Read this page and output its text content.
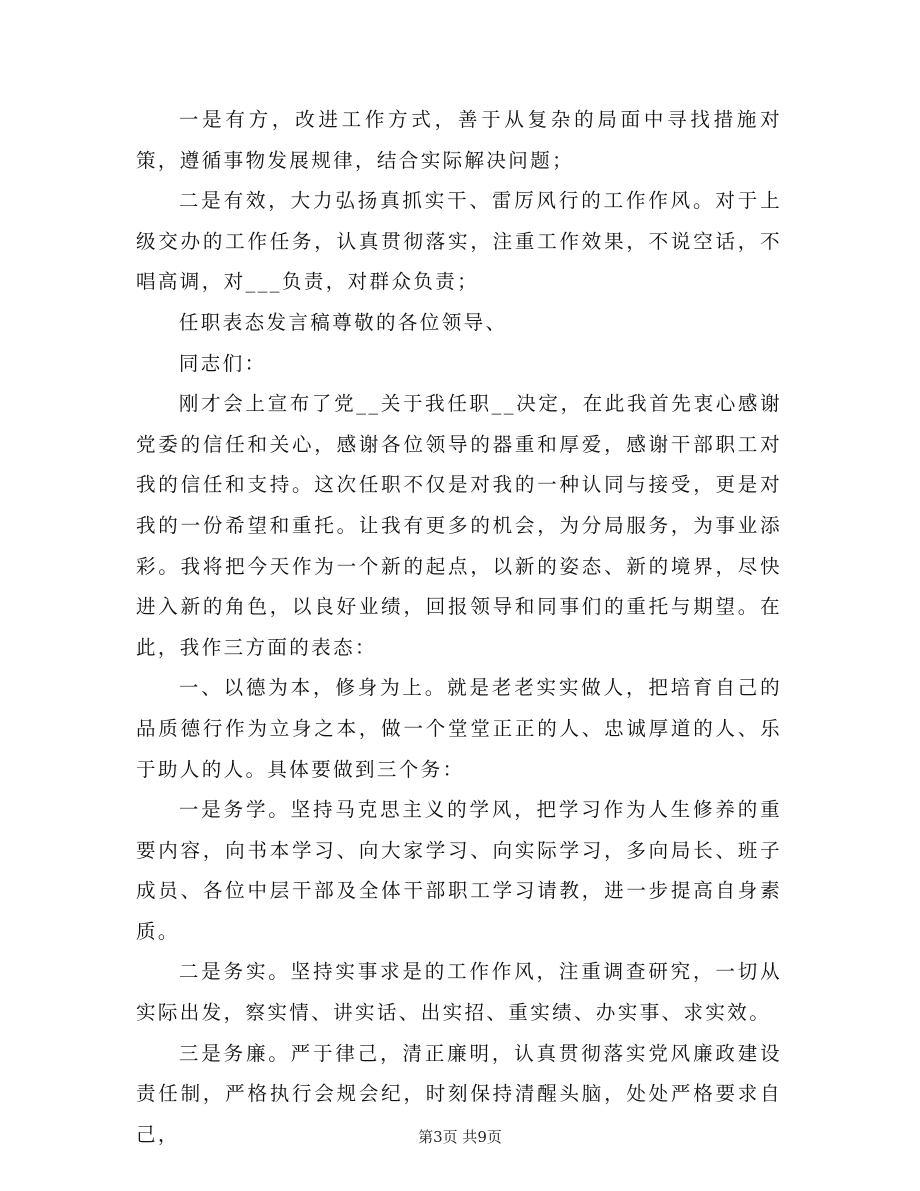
一是有方，改进工作方式，善于从复杂的局面中寻找措施对策，遵循事物发展规律，结合实际解决问题；

二是有效，大力弘扬真抓实干、雷厉风行的工作作风。对于上级交办的工作任务，认真贯彻落实，注重工作效果，不说空话，不唱高调，对___负责，对群众负责；

任职表态发言稿尊敬的各位领导、

同志们：

刚才会上宣布了党__关于我任职__决定，在此我首先衷心感谢党委的信任和关心，感谢各位领导的器重和厚爱，感谢干部职工对我的信任和支持。这次任职不仅是对我的一种认同与接受，更是对我的一份希望和重托。让我有更多的机会，为分局服务，为事业添彩。我将把今天作为一个新的起点，以新的姿态、新的境界，尽快进入新的角色，以良好业绩，回报领导和同事们的重托与期望。在此，我作三方面的表态：

一、以德为本，修身为上。就是老老实实做人，把培育自己的品质德行作为立身之本，做一个堂堂正正的人、忠诚厚道的人、乐于助人的人。具体要做到三个务：

一是务学。坚持马克思主义的学风，把学习作为人生修养的重要内容，向书本学习、向大家学习、向实际学习，多向局长、班子成员、各位中层干部及全体干部职工学习请教，进一步提高自身素质。

二是务实。坚持实事求是的工作作风，注重调查研究，一切从实际出发，察实情、讲实话、出实招、重实绩、办实事、求实效。

三是务廉。严于律己，清正廉明，认真贯彻落实党风廉政建设责任制，严格执行会规会纪，时刻保持清醒头脑，处处严格要求自己，	第3页 共9页
